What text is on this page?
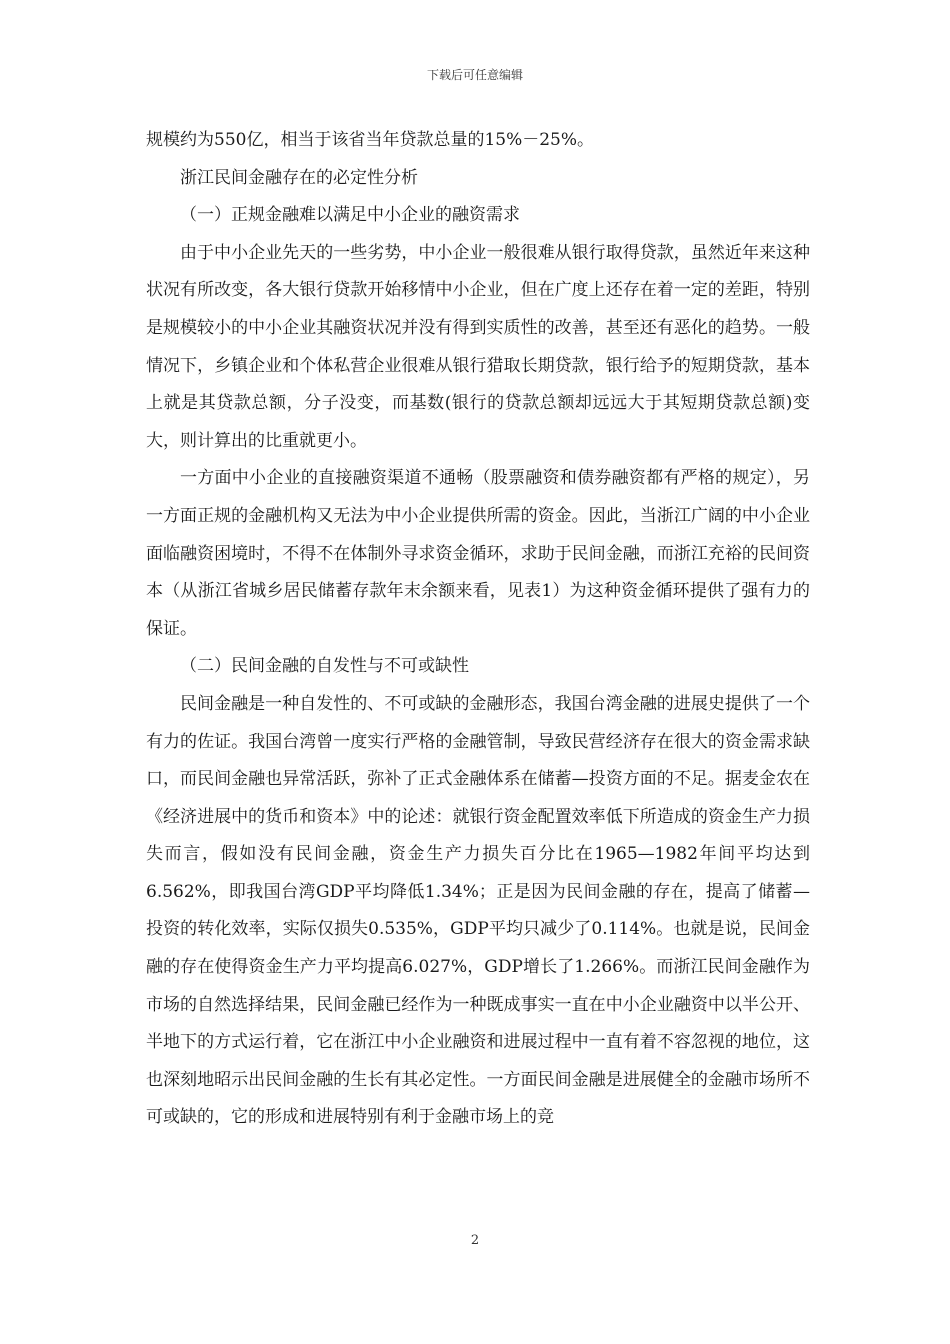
下载后可任意编辑

规模约为550亿，相当于该省当年贷款总量的15%－25%。

浙江民间金融存在的必定性分析

（一）正规金融难以满足中小企业的融资需求

由于中小企业先天的一些劣势，中小企业一般很难从银行取得贷款，虽然近年来这种状况有所改变，各大银行贷款开始移情中小企业，但在广度上还存在着一定的差距，特别是规模较小的中小企业其融资状况并没有得到实质性的改善，甚至还有恶化的趋势。一般情况下，乡镇企业和个体私营企业很难从银行猎取长期贷款，银行给予的短期贷款，基本上就是其贷款总额，分子没变，而基数(银行的贷款总额却远远大于其短期贷款总额)变大，则计算出的比重就更小。

一方面中小企业的直接融资渠道不通畅（股票融资和债券融资都有严格的规定），另一方面正规的金融机构又无法为中小企业提供所需的资金。因此，当浙江广阔的中小企业面临融资困境时，不得不在体制外寻求资金循环，求助于民间金融，而浙江充裕的民间资本（从浙江省城乡居民储蓄存款年末余额来看，见表1）为这种资金循环提供了强有力的保证。

（二）民间金融的自发性与不可或缺性

民间金融是一种自发性的、不可或缺的金融形态，我国台湾金融的进展史提供了一个有力的佐证。我国台湾曾一度实行严格的金融管制，导致民营经济存在很大的资金需求缺口，而民间金融也异常活跃，弥补了正式金融体系在储蓄—投资方面的不足。据麦金农在《经济进展中的货币和资本》中的论述：就银行资金配置效率低下所造成的资金生产力损失而言，假如没有民间金融，资金生产力损失百分比在1965—1982年间平均达到6.562%，即我国台湾GDP平均降低1.34%；正是因为民间金融的存在，提高了储蓄—投资的转化效率，实际仅损失0.535%，GDP平均只减少了0.114%。也就是说，民间金融的存在使得资金生产力平均提高6.027%，GDP增长了1.266%。而浙江民间金融作为市场的自然选择结果，民间金融已经作为一种既成事实一直在中小企业融资中以半公开、半地下的方式运行着，它在浙江中小企业融资和进展过程中一直有着不容忽视的地位，这也深刻地昭示出民间金融的生长有其必定性。一方面民间金融是进展健全的金融市场所不可或缺的，它的形成和进展特别有利于金融市场上的竞

2
